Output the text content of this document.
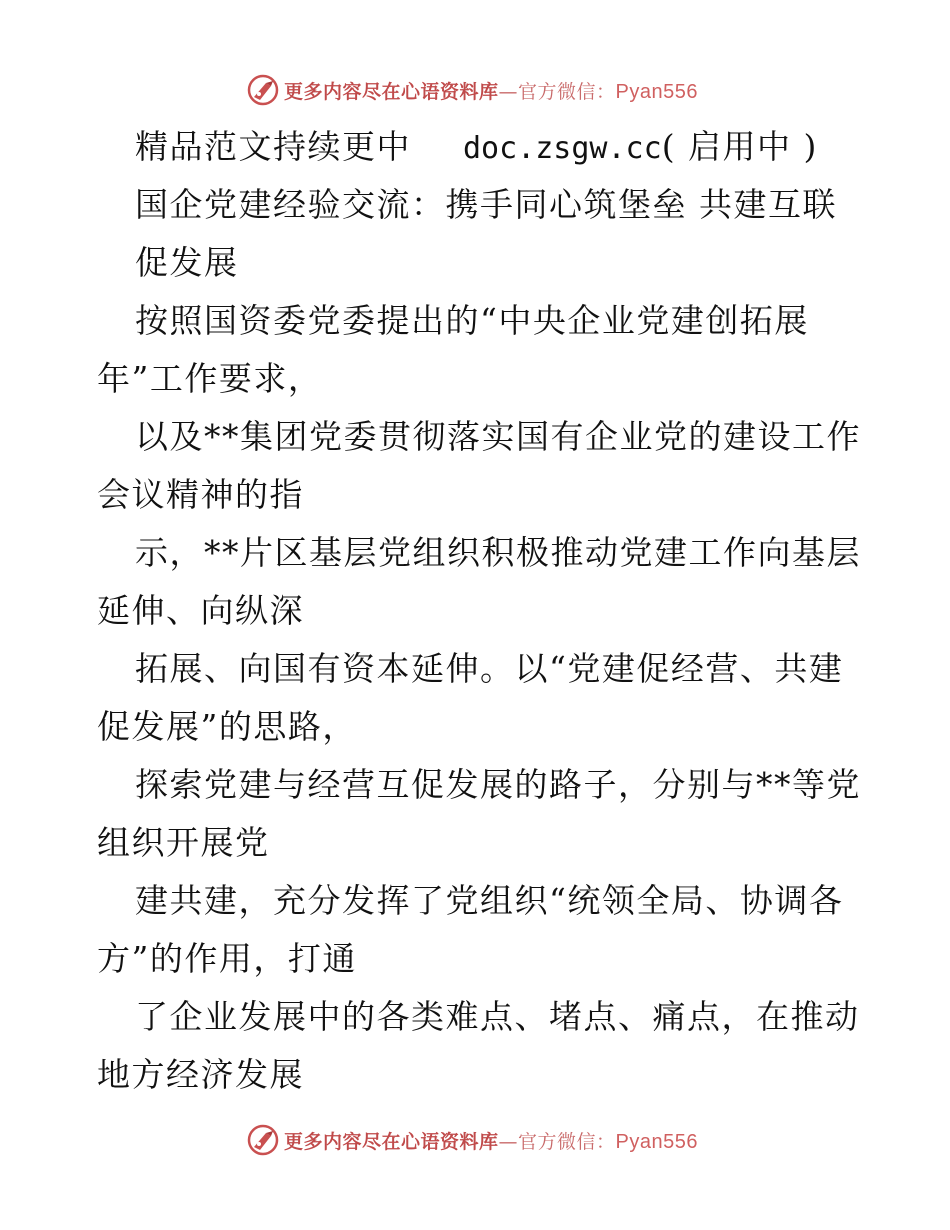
更多内容尽在心语资料库—官方微信：Pyan556
精品范文持续更中 doc.zsgw.cc( 启用中 )
国企党建经验交流：携手同心筑堡垒 共建互联
促发展
按照国资委党委提出的“中央企业党建创拓展
年”工作要求，
以及**集团党委贯彻落实国有企业党的建设工作
会议精神的指
示，**片区基层党组织积极推动党建工作向基层
延伸、向纵深
拓展、向国有资本延伸。以“党建促经营、共建
促发展”的思路，
探索党建与经营互促发展的路子，分别与**等党
组织开展党
建共建，充分发挥了党组织“统领全局、协调各
方”的作用，打通
了企业发展中的各类难点、堵点、痛点，在推动
地方经济发展
更多内容尽在心语资料库—官方微信：Pyan556
